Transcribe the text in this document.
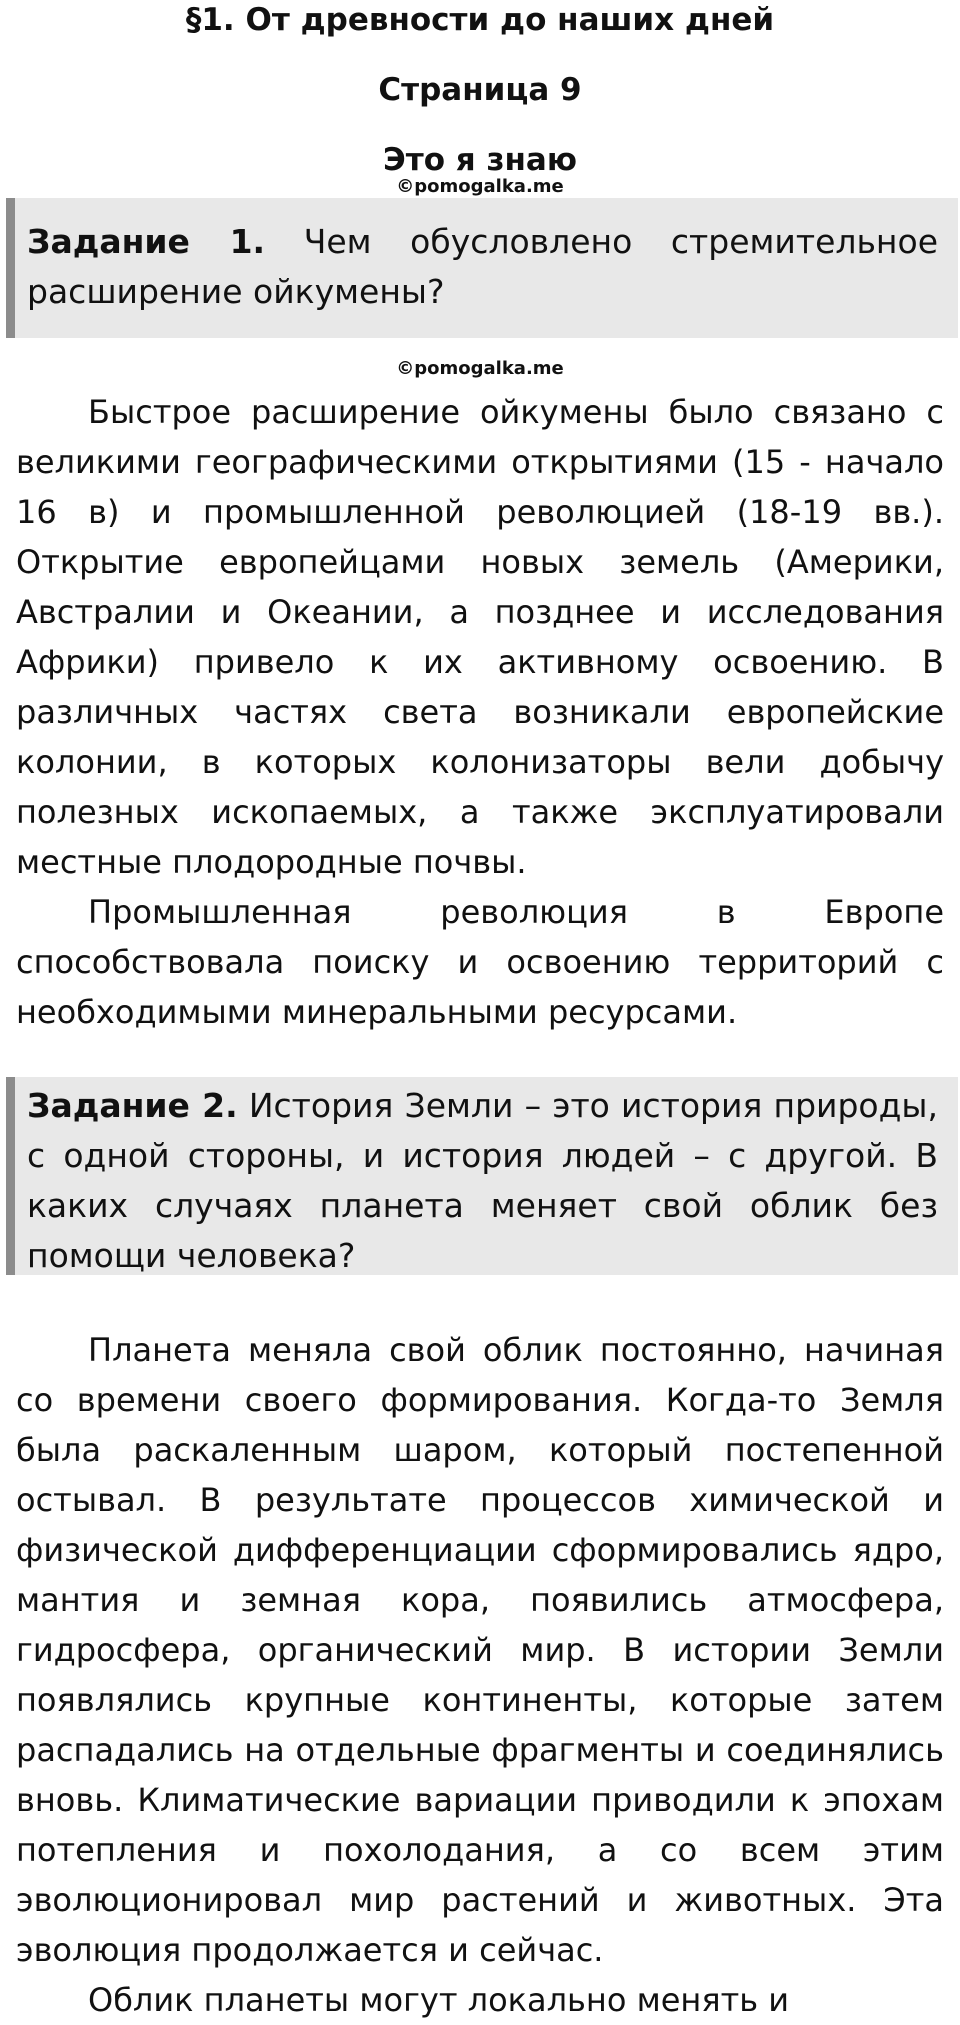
§1. От древности до наших дней
Страница 9
Это я знаю
©pomogalka.me
Задание 1. Чем обусловлено стремительное расширение ойкумены?
©pomogalka.me

Быстрое расширение ойкумены было связано с великими географическими открытиями (15 - начало 16 в) и промышленной революцией (18-19 вв.). Открытие европейцами новых земель (Америки, Австралии и Океании, а позднее и исследования Африки) привело к их активному освоению. В различных частях света возникали европейские колонии, в которых колонизаторы вели добычу полезных ископаемых, а также эксплуатировали местные плодородные почвы.

Промышленная революция в Европе способствовала поиску и освоению территорий с необходимыми минеральными ресурсами.

Задание 2. История Земли – это история природы, с одной стороны, и история людей – с другой. В каких случаях планета меняет свой облик без помощи человека?

Планета меняла свой облик постоянно, начиная со времени своего формирования. Когда-то Земля была раскаленным шаром, который постепенной остывал. В результате процессов химической и физической дифференциации сформировались ядро, мантия и земная кора, появились атмосфера, гидросфера, органический мир. В истории Земли появлялись крупные континенты, которые затем распадались на отдельные фрагменты и соединялись вновь. Климатические вариации приводили к эпохам потепления и похолодания, а со всем этим эволюционировал мир растений и животных. Эта эволюция продолжается и сейчас.

Облик планеты могут локально менять и
